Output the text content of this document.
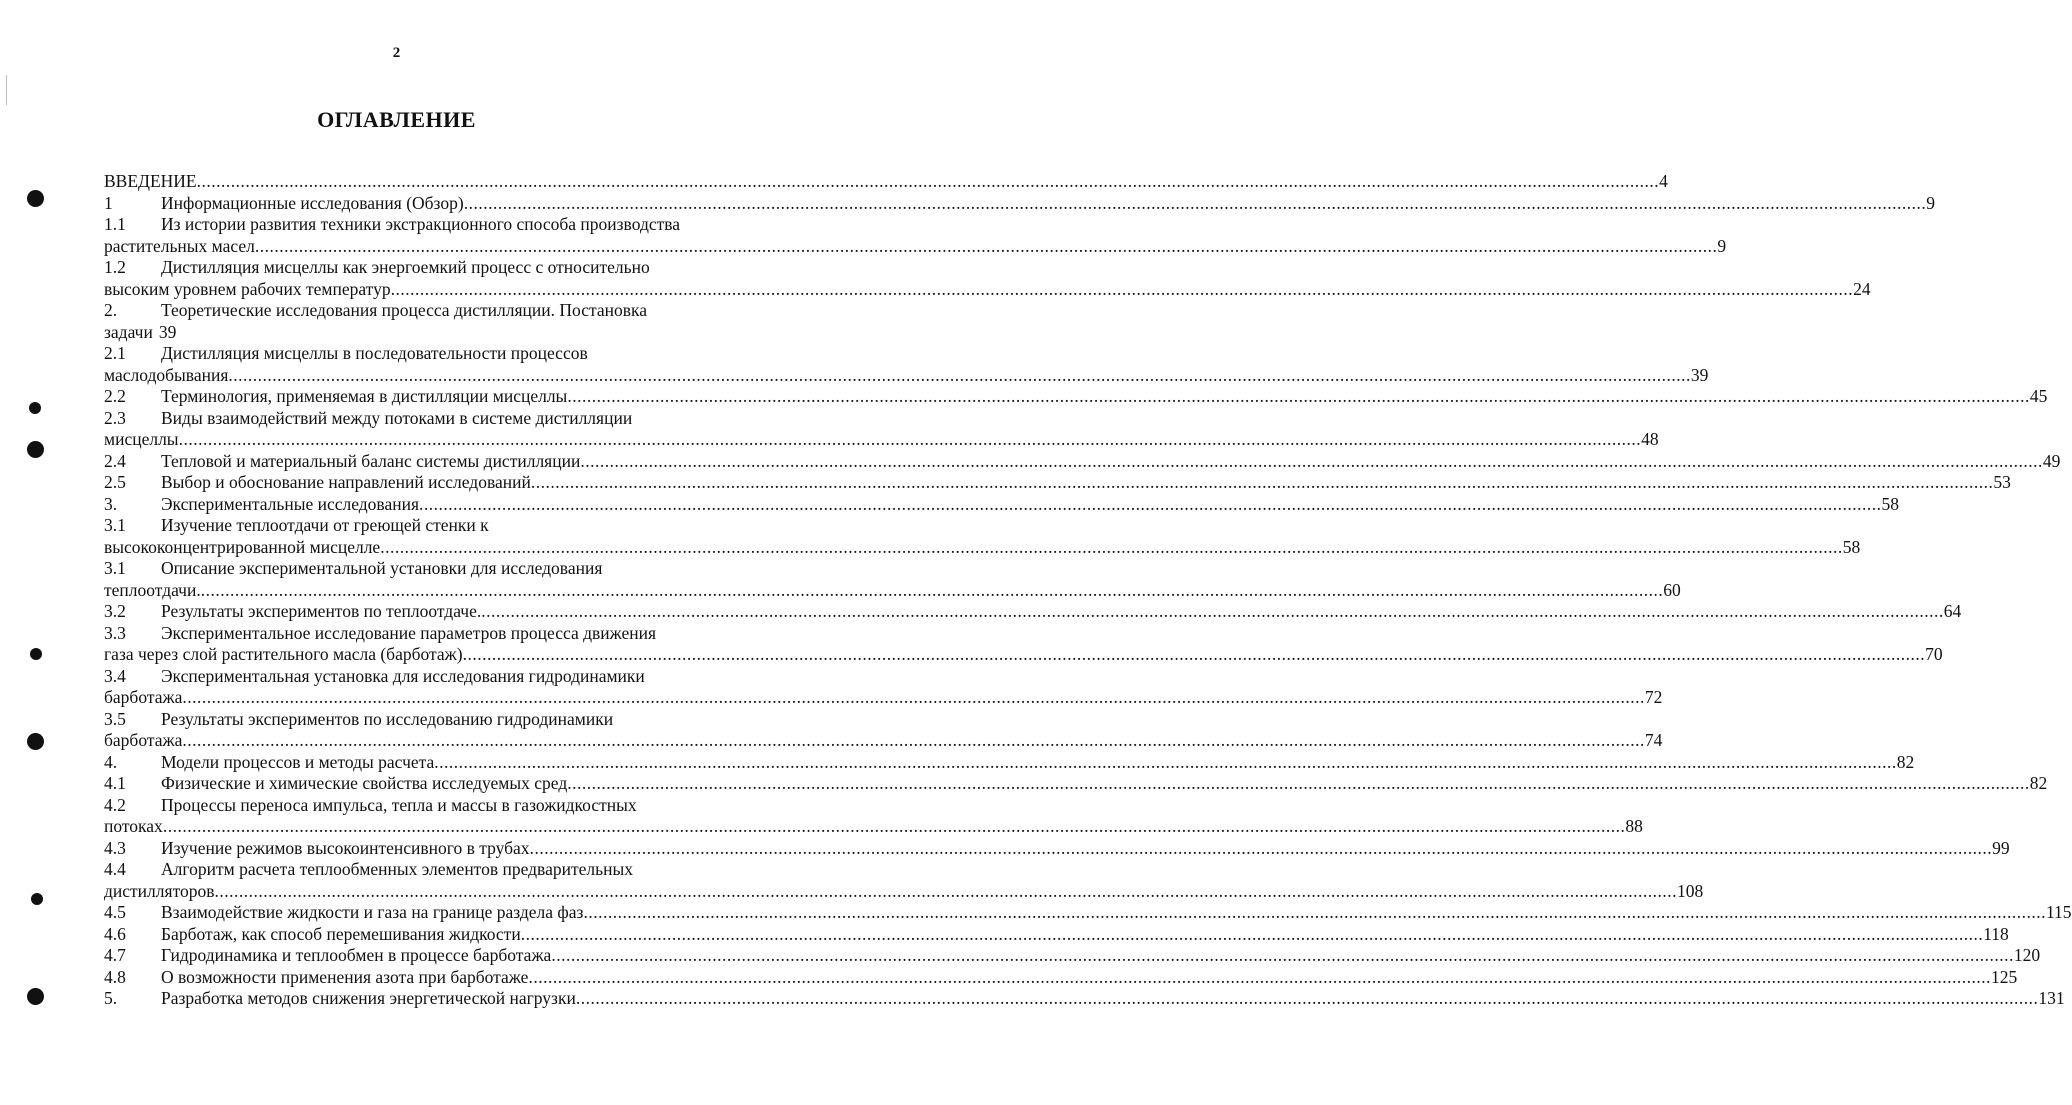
2
ОГЛАВЛЕНИЕ
ВВЕДЕНИЕ ............................................................................................................................................................................................................................................................................................................ 4
1	Информационные исследования (Обзор) ............................................................................................................................................................................................................................................................................................................ 9
1.1	Из истории развития техники экстракционного способа производства
растительных масел ............................................................................................................................................................................................................................................................................................................ 9
1.2	Дистилляция мисцеллы как энергоемкий процесс с относительно
высоким уровнем рабочих температур ............................................................................................................................................................................................................................................................................................................ 24
2.	Теоретические исследования процесса дистилляции. Постановка
задачи 39
2.1	Дистилляция мисцеллы в последовательности процессов
маслодобывания ............................................................................................................................................................................................................................................................................................................ 39
2.2	Терминология, применяемая в дистилляции мисцеллы ............................................................................................................................................................................................................................................................................................................ 45
2.3	Виды взаимодействий между потоками в системе дистилляции
мисцеллы ............................................................................................................................................................................................................................................................................................................ 48
2.4	Тепловой и материальный баланс системы дистилляции ............................................................................................................................................................................................................................................................................................................ 49
2.5	Выбор и обоснование направлений исследований ............................................................................................................................................................................................................................................................................................................ 53
3.	Экспериментальные исследования ............................................................................................................................................................................................................................................................................................................ 58
3.1	Изучение теплоотдачи от греющей стенки к
высококонцентрированной мисцелле ............................................................................................................................................................................................................................................................................................................ 58
3.1	Описание экспериментальной установки для исследования
теплоотдачи. ............................................................................................................................................................................................................................................................................................................ 60
3.2	Результаты экспериментов по теплоотдаче. ............................................................................................................................................................................................................................................................................................................ 64
3.3	Экспериментальное исследование параметров процесса движения
газа через слой растительного масла (барботаж) ............................................................................................................................................................................................................................................................................................................ 70
3.4	Экспериментальная установка для исследования гидродинамики
барботажа ............................................................................................................................................................................................................................................................................................................ 72
3.5	Результаты экспериментов по исследованию гидродинамики
барботажа ............................................................................................................................................................................................................................................................................................................ 74
4.	Модели процессов и методы расчета ............................................................................................................................................................................................................................................................................................................ 82
4.1	Физические и химические свойства исследуемых сред ............................................................................................................................................................................................................................................................................................................ 82
4.2	Процессы переноса импульса, тепла и массы в газожидкостных
потоках ............................................................................................................................................................................................................................................................................................................ 88
4.3	Изучение режимов высокоинтенсивного в трубах ............................................................................................................................................................................................................................................................................................................ 99
4.4	Алгоритм расчета теплообменных элементов предварительных
дистилляторов ............................................................................................................................................................................................................................................................................................................ 108
4.5	Взаимодействие жидкости и газа на границе раздела фаз ............................................................................................................................................................................................................................................................................................................ 115
4.6	Барботаж, как способ перемешивания жидкости ............................................................................................................................................................................................................................................................................................................ 118
4.7	Гидродинамика и теплообмен в процессе барботажа ............................................................................................................................................................................................................................................................................................................ 120
4.8	О возможности применения азота при барботаже ............................................................................................................................................................................................................................................................................................................ 125
5.	Разработка методов снижения энергетической нагрузки ............................................................................................................................................................................................................................................................................................................ 131
